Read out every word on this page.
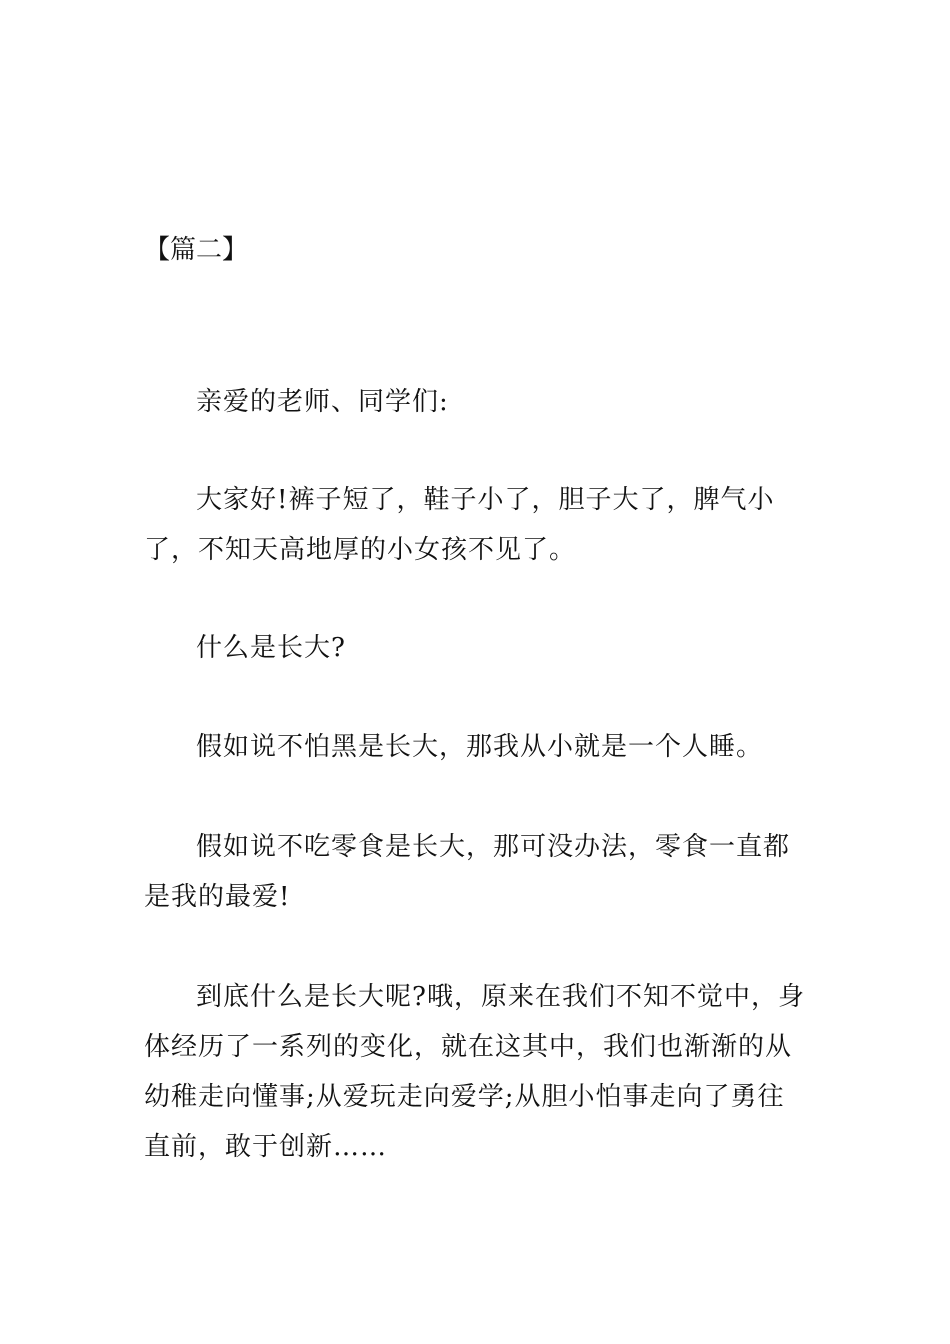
【篇二】

亲爱的老师、同学们:

大家好!裤子短了，鞋子小了，胆子大了，脾气小了，不知天高地厚的小女孩不见了。

什么是长大?

假如说不怕黑是长大，那我从小就是一个人睡。

假如说不吃零食是长大，那可没办法，零食一直都是我的最爱!

到底什么是长大呢?哦，原来在我们不知不觉中，身体经历了一系列的变化，就在这其中，我们也渐渐的从幼稚走向懂事;从爱玩走向爱学;从胆小怕事走向了勇往直前，敢于创新……
